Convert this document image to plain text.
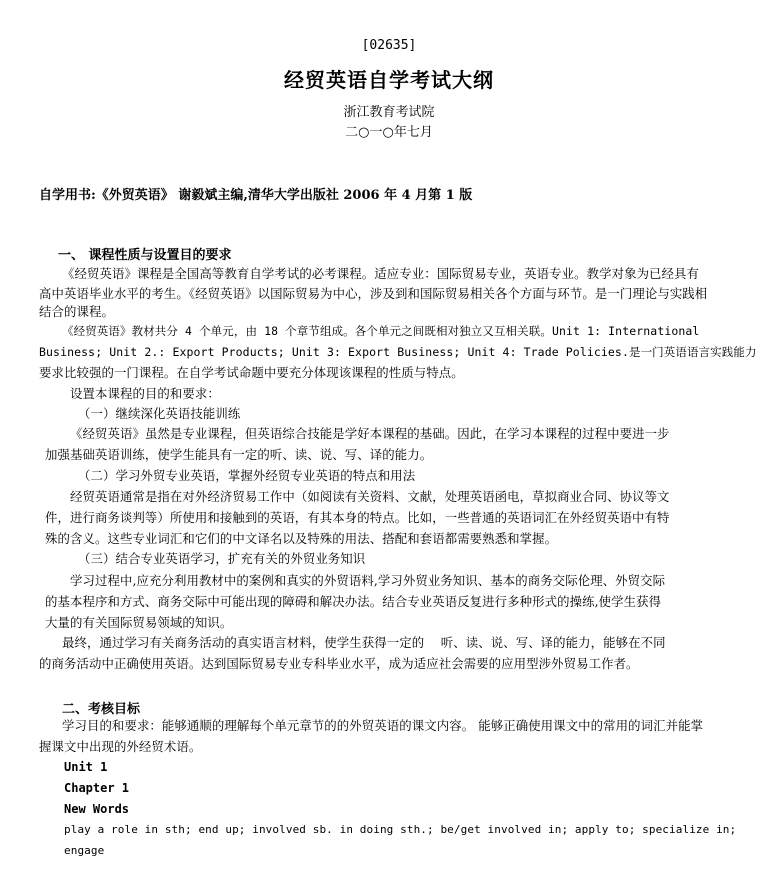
[02635]
经贸英语自学考试大纲
浙江教育考试院
二○一○年七月
自学用书:《外贸英语》 谢毅斌主编,清华大学出版社 2006 年 4 月第 1 版
一、 课程性质与设置目的要求
《经贸英语》课程是全国高等教育自学考试的必考课程。适应专业：国际贸易专业，英语专业。教学对象为已经具有
高中英语毕业水平的考生。《经贸英语》以国际贸易为中心，涉及到和国际贸易相关各个方面与环节。是一门理论与实践相
结合的课程。
《经贸英语》教材共分 4 个单元，由 18 个章节组成。各个单元之间既相对独立又互相关联。Unit 1: International
Business; Unit 2.: Export Products; Unit 3: Export Business; Unit 4: Trade Policies.是一门英语语言实践能力
要求比较强的一门课程。在自学考试命题中要充分体现该课程的性质与特点。
设置本课程的目的和要求：
（一）继续深化英语技能训练
《经贸英语》虽然是专业课程，但英语综合技能是学好本课程的基础。因此，在学习本课程的过程中要进一步
加强基础英语训练，使学生能具有一定的听、读、说、写、译的能力。
（二）学习外贸专业英语，掌握外经贸专业英语的特点和用法
经贸英语通常是指在对外经济贸易工作中（如阅读有关资料、文献，处理英语函电，草拟商业合同、协议等文
件，进行商务谈判等）所使用和接触到的英语，有其本身的特点。比如，一些普通的英语词汇在外经贸英语中有特
殊的含义。这些专业词汇和它们的中文译名以及特殊的用法、搭配和套语都需要熟悉和掌握。
（三）结合专业英语学习，扩充有关的外贸业务知识
学习过程中,应充分利用教材中的案例和真实的外贸语料,学习外贸业务知识、基本的商务交际伦理、外贸交际
的基本程序和方式、商务交际中可能出现的障碍和解决办法。结合专业英语反复进行多种形式的操练,使学生获得
大量的有关国际贸易领域的知识。
最终，通过学习有关商务活动的真实语言材料，使学生获得一定的　 听、读、说、写、译的能力，能够在不同
的商务活动中正确使用英语。达到国际贸易专业专科毕业水平，成为适应社会需要的应用型涉外贸易工作者。
二、考核目标
学习目的和要求：能够通顺的理解每个单元章节的的外贸英语的课文内容。 能够正确使用课文中的常用的词汇并能掌
握课文中出现的外经贸术语。
Unit 1
Chapter 1
New Words
play a role in sth; end up; involved sb. in doing sth.; be/get involved in; apply to; specialize in; engage
